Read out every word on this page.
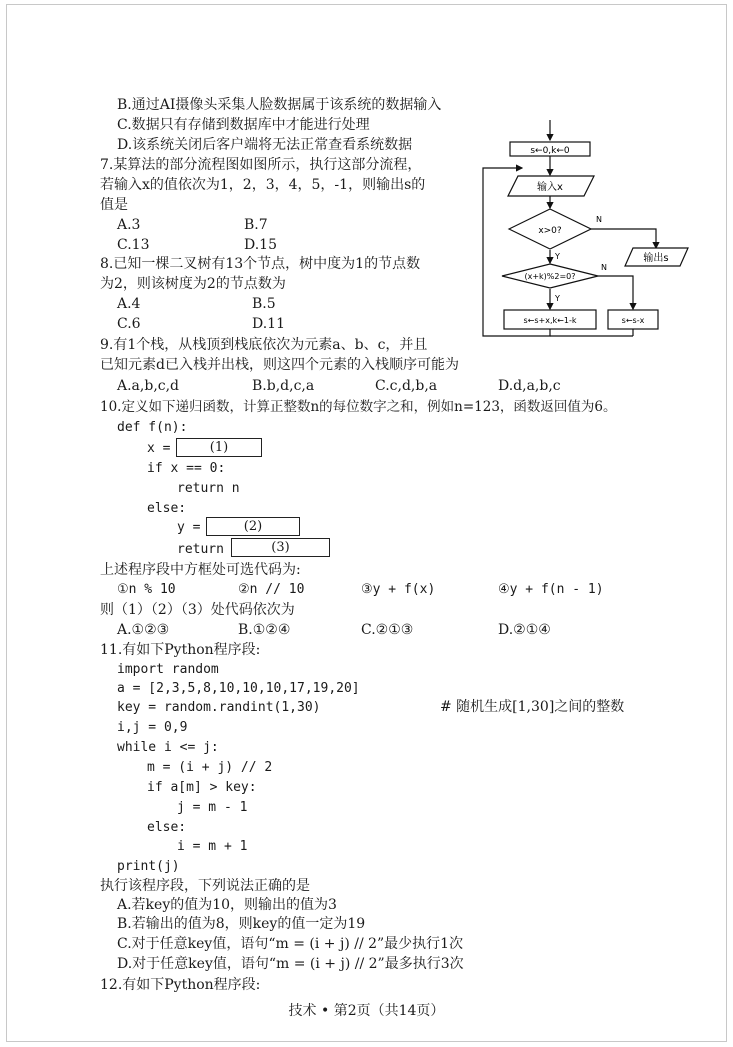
B.通过AI摄像头采集人脸数据属于该系统的数据输入
C.数据只有存储到数据库中才能进行处理
D.该系统关闭后客户端将无法正常查看系统数据
7.某算法的部分流程图如图所示，执行这部分流程，
若输入x的值依次为1，2，3，4，5，-1，则输出s的
值是
A.3	B.7
C.13	D.15
8.已知一棵二叉树有13个节点，树中度为1的节点数
为2，则该树度为2的节点数为
A.4	B.5
C.6	D.11
s←0,k←0
输入x
x>0?
(x+k)%2=0?
输出s
s←s+x,k←1-k	s←s-x
Y
Y
N
N
9.有1个栈，从栈顶到栈底依次为元素a、b、c，并且
已知元素d已入栈并出栈，则这四个元素的入栈顺序可能为
A.a,b,c,d	B.b,d,c,a	C.c,d,b,a	D.d,a,b,c
10.定义如下递归函数，计算正整数n的每位数字之和，例如n=123，函数返回值为6。
def f(n):
x =	(1)
if x == 0:
return n
else:
y =	(2)
return	(3)
上述程序段中方框处可选代码为:
①n % 10	②n // 10	③y + f(x)	④y + f(n - 1)
则（1）（2）（3）处代码依次为
A.①②③	B.①②④	C.②①③	D.②①④
11.有如下Python程序段:
import random
a = [2,3,5,8,10,10,10,17,19,20]
key = random.randint(1,30)	# 随机生成[1,30]之间的整数
i,j = 0,9
while i <= j:
m = (i + j) // 2
if a[m] > key:
j = m - 1
else:
i = m + 1
print(j)
执行该程序段，下列说法正确的是
A.若key的值为10，则输出的值为3
B.若输出的值为8，则key的值一定为19
C.对于任意key值，语句“m = (i + j) // 2”最少执行1次
D.对于任意key值，语句“m = (i + j) // 2”最多执行3次
12.有如下Python程序段:
技术 • 第2页（共14页）
